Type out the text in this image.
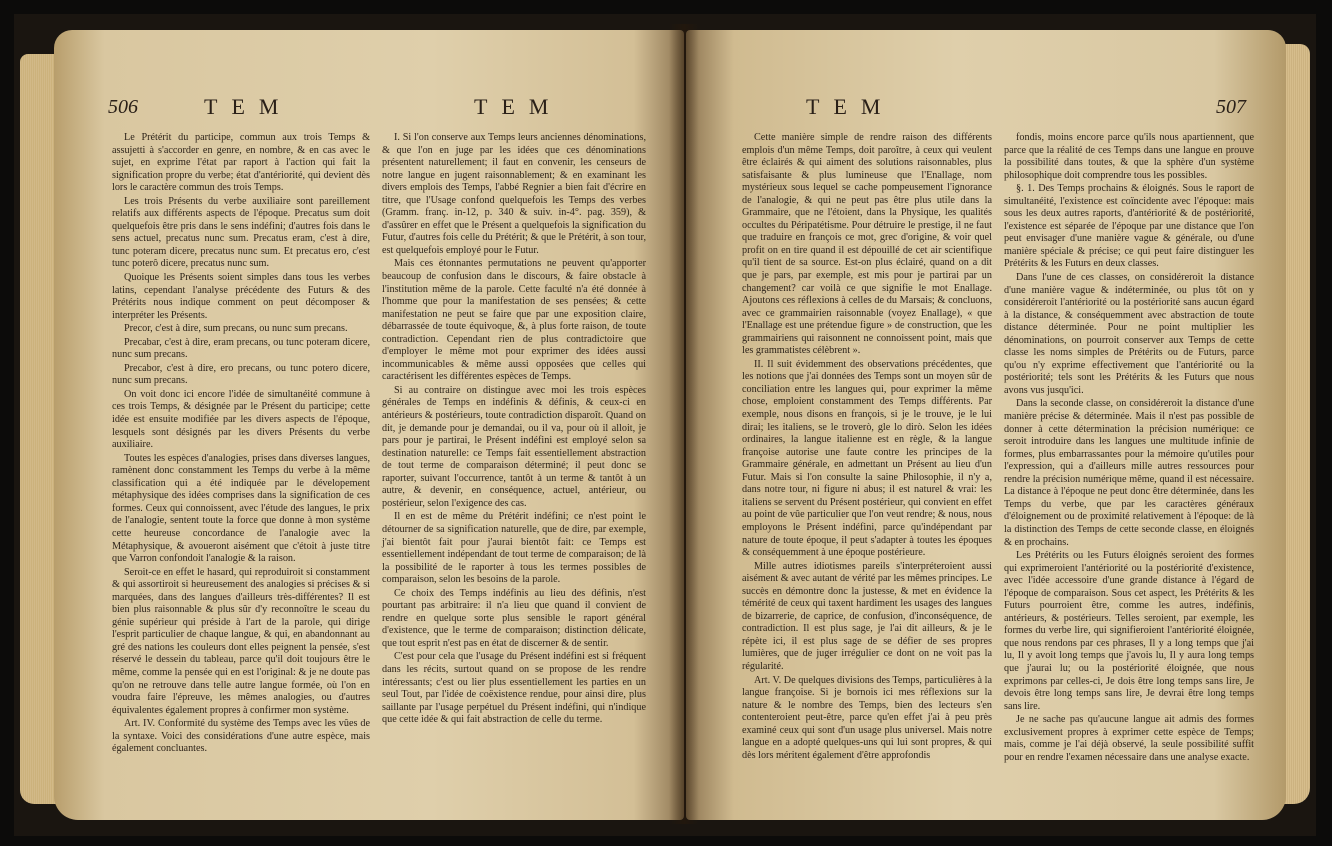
506	TEM	TEM

Le Prétérit du participe, commun aux trois Temps & assujetti à s'accorder en genre, en nombre, & en cas avec le sujet, en exprime l'état par raport à l'action qui fait la signification propre du verbe; état d'antériorité, qui devient dès lors le caractère commun des trois Temps.

Les trois Présents du verbe auxiliaire sont pareillement relatifs aux différents aspects de l'époque. Precatus sum doit quelquefois être pris dans le sens indéfini; d'autres fois dans le sens actuel, precatus nunc sum. Precatus eram, c'est à dire, tunc poteram dicere, precatus nunc sum. Et precatus ero, c'est tunc poterô dicere, precatus nunc sum.

Quoique les Présents soient simples dans tous les verbes latins, cependant l'analyse précédente des Futurs & des Prétérits nous indique comment on peut décomposer & interpréter les Présents.

Precor, c'est à dire, sum precans, ou nunc sum precans.

Precabar, c'est à dire, eram precans, ou tunc poteram dicere, nunc sum precans.

Precabor, c'est à dire, ero precans, ou tunc potero dicere, nunc sum precans.

On voit donc ici encore l'idée de simultanéité commune à ces trois Temps, & désignée par le Présent du participe; cette idée est ensuite modifiée par les divers aspects de l'époque, lesquels sont désignés par les divers Présents du verbe auxiliaire.

Toutes les espèces d'analogies, prises dans diverses langues, ramènent donc constamment les Temps du verbe à la même classification qui a été indiquée par le dévelopement métaphysique des idées comprises dans la signification de ces formes. Ceux qui connoissent, avec l'étude des langues, le prix de l'analogie, sentent toute la force que donne à mon système cette heureuse concordance de l'analogie avec la Métaphysique, & avoueront aisément que c'étoit à juste titre que Varron confondoit l'analogie & la raison.

Seroit-ce en effet le hasard, qui reproduiroit si constamment & qui assortiroit si heureusement des analogies si précises & si marquées, dans des langues d'ailleurs très-différentes? Il est bien plus raisonnable & plus sûr d'y reconnoître le sceau du génie supérieur qui préside à l'art de la parole, qui dirige l'esprit particulier de chaque langue, & qui, en abandonnant au gré des nations les couleurs dont elles peignent la pensée, s'est réservé le dessein du tableau, parce qu'il doit toujours être le même, comme la pensée qui en est l'original: & je ne doute pas qu'on ne retrouve dans telle autre langue formée, où l'on en voudra faire l'épreuve, les mêmes analogies, ou d'autres équivalentes également propres à confirmer mon système.

Art. IV. Conformité du système des Temps avec les vûes de la syntaxe. Voici des considérations d'une autre espèce, mais également concluantes.

I. Si l'on conserve aux Temps leurs anciennes dénominations, & que l'on en juge par les idées que ces dénominations présentent naturellement; il faut en convenir, les censeurs de notre langue en jugent raisonnablement; & en examinant les divers emplois des Temps, l'abbé Regnier a bien fait d'écrire en titre, que l'Usage confond quelquefois les Temps des verbes (Gramm. franç. in-12, p. 340 & suiv. in-4°. pag. 359), & d'assûrer en effet que le Présent a quelquefois la signification du Futur, d'autres fois celle du Prétérit; & que le Prétérit, à son tour, est quelquefois employé pour le Futur.

Mais ces étonnantes permutations ne peuvent qu'apporter beaucoup de confusion dans le discours, & faire obstacle à l'institution même de la parole. Cette faculté n'a été donnée à l'homme que pour la manifestation de ses pensées; & cette manifestation ne peut se faire que par une exposition claire, débarrassée de toute équivoque, &, à plus forte raison, de toute contradiction. Cependant rien de plus contradictoire que d'employer le même mot pour exprimer des idées aussi incommunicables & même aussi opposées que celles qui caractérisent les différentes espèces de Temps.

Si au contraire on distingue avec moi les trois espèces générales de Temps en indéfinis & définis, & ceux-ci en antérieurs & postérieurs, toute contradiction disparoît. Quand on dit, je demande pour je demandai, ou il va, pour où il alloit, je pars pour je partirai, le Présent indéfini est employé selon sa destination naturelle: ce Temps fait essentiellement abstraction de tout terme de comparaison déterminé; il peut donc se raporter, suivant l'occurrence, tantôt à un terme & tantôt à un autre, & devenir, en conséquence, actuel, antérieur, ou postérieur, selon l'exigence des cas.

Il en est de même du Prétérit indéfini; ce n'est point le détourner de sa signification naturelle, que de dire, par exemple, j'ai bientôt fait pour j'aurai bientôt fait: ce Temps est essentiellement indépendant de tout terme de comparaison; de là la possibilité de le raporter à tous les termes possibles de comparaison, selon les besoins de la parole.

Ce choix des Temps indéfinis au lieu des définis, n'est pourtant pas arbitraire: il n'a lieu que quand il convient de rendre en quelque sorte plus sensible le raport général d'existence, que le terme de comparaison; distinction délicate, que tout esprit n'est pas en état de discerner & de sentir.

C'est pour cela que l'usage du Présent indéfini est si fréquent dans les récits, surtout quand on se propose de les rendre intéressants; c'est ou lier plus essentiellement les parties en un seul Tout, par l'idée de coëxistence rendue, pour ainsi dire, plus saillante par l'usage perpétuel du Présent indéfini, qui n'indique que cette idée & qui fait abstraction de celle du terme.

TEM	507

Cette manière simple de rendre raison des différents emplois d'un même Temps, doit paroître, à ceux qui veulent être éclairés & qui aiment des solutions raisonnables, plus satisfaisante & plus lumineuse que l'Enallage, nom mystérieux sous lequel se cache pompeusement l'ignorance de l'analogie, & qui ne peut pas être plus utile dans la Grammaire, que ne l'étoient, dans la Physique, les qualités occultes du Péripatétisme. Pour détruire le prestige, il ne faut que traduire en françois ce mot, grec d'origine, & voir quel profit on en tire quand il est dépouillé de cet air scientifique qu'il tient de sa source. Est-on plus éclairé, quand on a dit que je pars, par exemple, est mis pour je partirai par un changement? car voilà ce que signifie le mot Enallage. Ajoutons ces réflexions à celles de du Marsais; & concluons, avec ce grammairien raisonnable (voyez Enallage), « que l'Enallage est une prétendue figure » de construction, que les grammairiens qui raisonnent ne connoissent point, mais que les grammatistes célèbrent ».

II. Il suit évidemment des observations précédentes, que les notions que j'ai données des Temps sont un moyen sûr de conciliation entre les langues qui, pour exprimer la même chose, emploient constamment des Temps différents. Par exemple, nous disons en françois, si je le trouve, je le lui dirai; les italiens, se le troverò, gle lo dirò. Selon les idées ordinaires, la langue italienne est en règle, & la langue françoise autorise une faute contre les principes de la Grammaire générale, en admettant un Présent au lieu d'un Futur. Mais si l'on consulte la saine Philosophie, il n'y a, dans notre tour, ni figure ni abus; il est naturel & vrai: les italiens se servent du Présent postérieur, qui convient en effet au point de vûe particulier que l'on veut rendre; & nous, nous employons le Présent indéfini, parce qu'indépendant par nature de toute époque, il peut s'adapter à toutes les époques & conséquemment à une époque postérieure.

Mille autres idiotismes pareils s'interpréteroient aussi aisément & avec autant de vérité par les mêmes principes. Le succès en démontre donc la justesse, & met en évidence la témérité de ceux qui taxent hardiment les usages des langues de bizarrerie, de caprice, de confusion, d'inconséquence, de contradiction. Il est plus sage, je l'ai dit ailleurs, & je le répète ici, il est plus sage de se défier de ses propres lumières, que de juger irrégulier ce dont on ne voit pas la régularité.

Art. V. De quelques divisions des Temps, particulières à la langue françoise. Si je bornois ici mes réflexions sur la nature & le nombre des Temps, bien des lecteurs s'en contenteroient peut-être, parce qu'en effet j'ai à peu près examiné ceux qui sont d'un usage plus universel. Mais notre langue en a adopté quelques-uns qui lui sont propres, & qui dès lors méritent également d'être approfondis

fondis, moins encore parce qu'ils nous apartiennent, que parce que la réalité de ces Temps dans une langue en prouve la possibilité dans toutes, & que la sphère d'un système philosophique doit comprendre tous les possibles.

§. 1. Des Temps prochains & éloignés. Sous le raport de simultanéité, l'existence est coïncidente avec l'époque: mais sous les deux autres raports, d'antériorité & de postériorité, l'existence est séparée de l'époque par une distance que l'on peut envisager d'une manière vague & générale, ou d'une manière spéciale & précise; ce qui peut faire distinguer les Prétérits & les Futurs en deux classes.

Dans l'une de ces classes, on considéreroit la distance d'une manière vague & indéterminée, ou plus tôt on y considéreroit l'antériorité ou la postériorité sans aucun égard à la distance, & conséquemment avec abstraction de toute distance déterminée. Pour ne point multiplier les dénominations, on pourroit conserver aux Temps de cette classe les noms simples de Prétérits ou de Futurs, parce qu'ou n'y exprime effectivement que l'antériorité ou la postériorité; tels sont les Prétérits & les Futurs que nous avons vus jusqu'ici.

Dans la seconde classe, on considéreroit la distance d'une manière précise & déterminée. Mais il n'est pas possible de donner à cette détermination la précision numérique: ce seroit introduire dans les langues une multitude infinie de formes, plus embarrassantes pour la mémoire qu'utiles pour l'expression, qui a d'ailleurs mille autres ressources pour rendre la précision numérique même, quand il est nécessaire. La distance à l'époque ne peut donc être déterminée, dans les Temps du verbe, que par les caractères généraux d'éloignement ou de proximité relativement à l'époque: de là la distinction des Temps de cette seconde classe, en éloignés & en prochains.

Les Prétérits ou les Futurs éloignés seroient des formes qui exprimeroient l'antériorité ou la postériorité d'existence, avec l'idée accessoire d'une grande distance à l'égard de l'époque de comparaison. Sous cet aspect, les Prétérits & les Futurs pourroient être, comme les autres, indéfinis, antérieurs, & postérieurs. Telles seroient, par exemple, les formes du verbe lire, qui signifieroient l'antériorité éloignée, que nous rendons par ces phrases, Il y a long temps que j'ai lu, Il y avoit long temps que j'avois lu, Il y aura long temps que j'aurai lu; ou la postériorité éloignée, que nous exprimons par celles-ci, Je dois être long temps sans lire, Je devois être long temps sans lire, Je devrai être long temps sans lire.

Je ne sache pas qu'aucune langue ait admis des formes exclusivement propres à exprimer cette espèce de Temps; mais, comme je l'ai déjà observé, la seule possibilité suffit pour en rendre l'examen nécessaire dans une analyse exacte.
